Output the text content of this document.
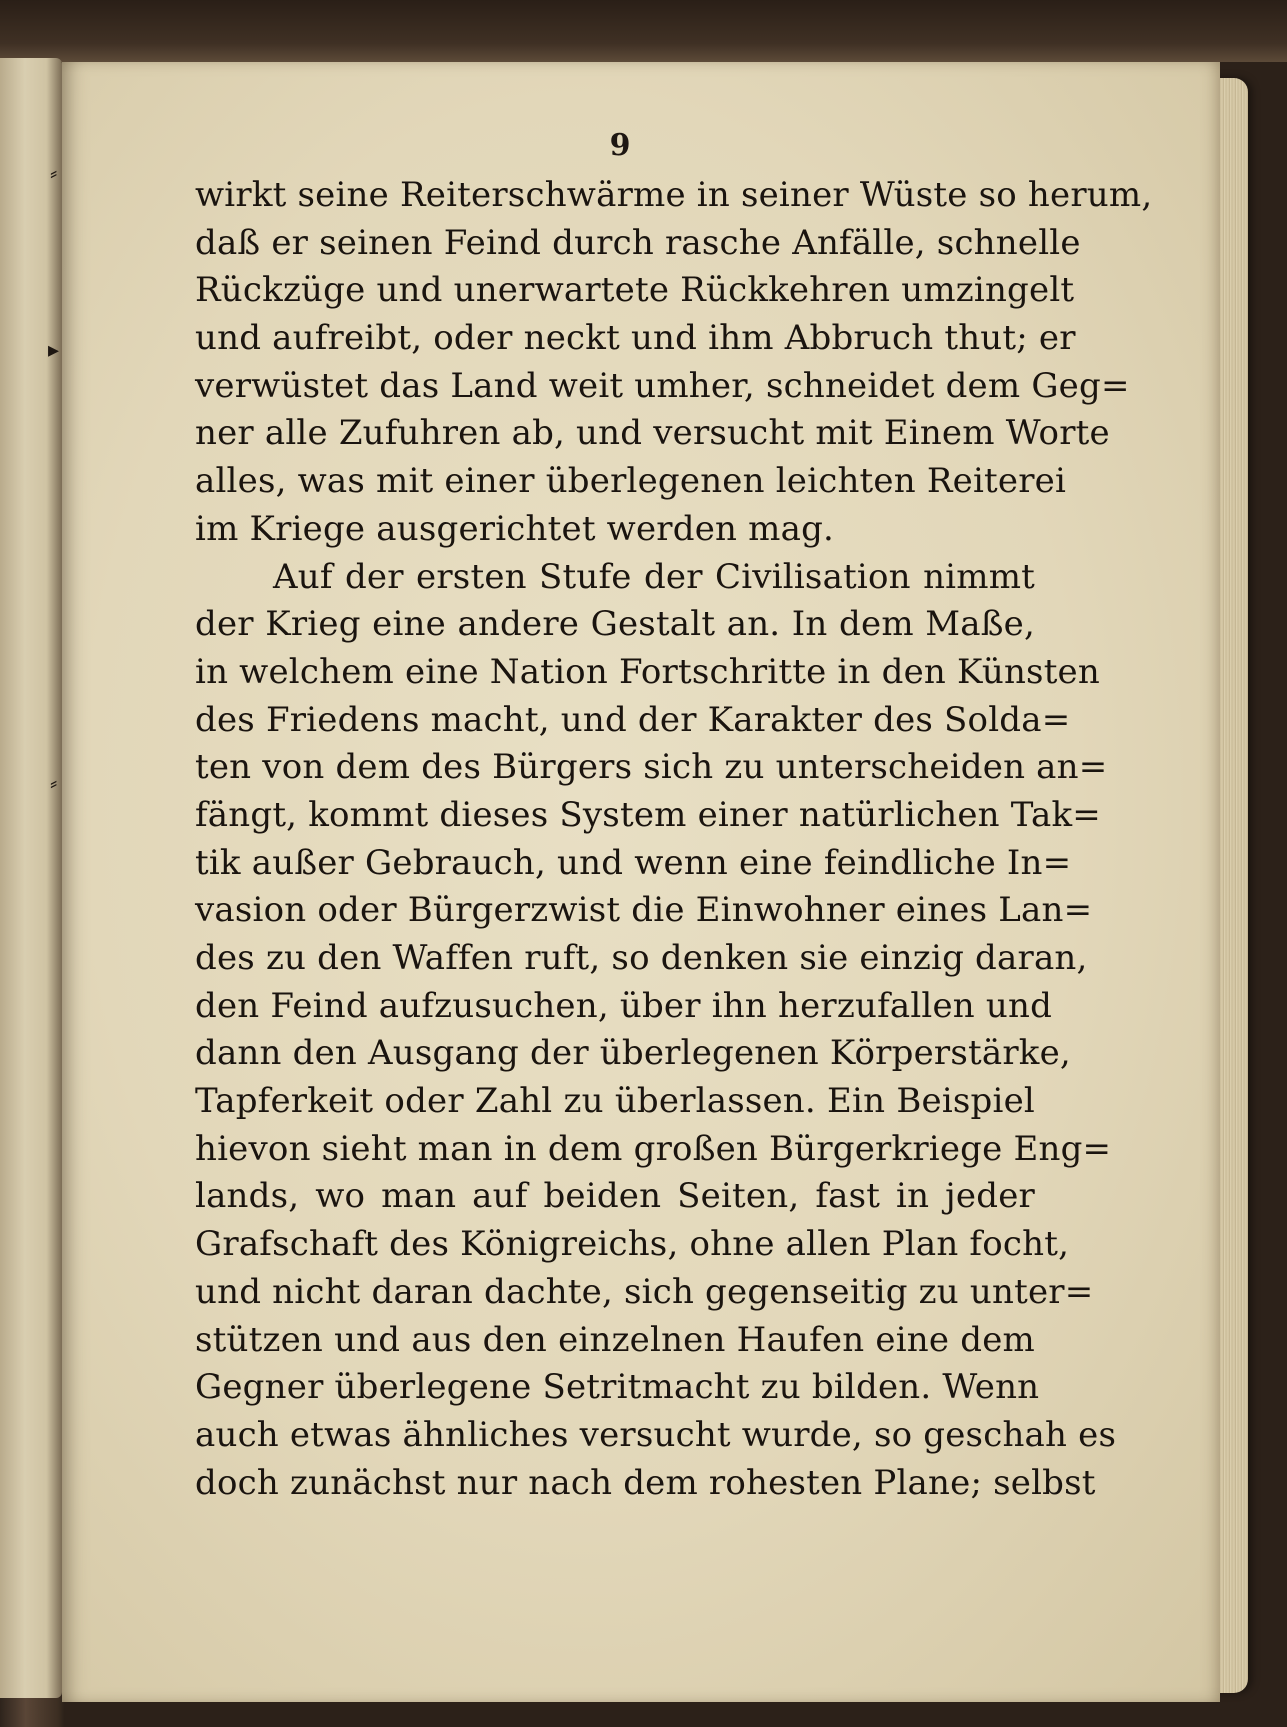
⸗
▸
⸗
9
wirkt seine Reiterschwärme in seiner Wüste so herum,
daß er seinen Feind durch rasche Anfälle, schnelle
Rückzüge und unerwartete Rückkehren umzingelt
und aufreibt, oder neckt und ihm Abbruch thut; er
verwüstet das Land weit umher, schneidet dem Geg=
ner alle Zufuhren ab, und versucht mit Einem Worte
alles, was mit einer überlegenen leichten Reiterei
im Kriege ausgerichtet werden mag.
Auf der ersten Stufe der Civilisation nimmt
der Krieg eine andere Gestalt an. In dem Maße,
in welchem eine Nation Fortschritte in den Künsten
des Friedens macht, und der Karakter des Solda=
ten von dem des Bürgers sich zu unterscheiden an=
fängt, kommt dieses System einer natürlichen Tak=
tik außer Gebrauch, und wenn eine feindliche In=
vasion oder Bürgerzwist die Einwohner eines Lan=
des zu den Waffen ruft, so denken sie einzig daran,
den Feind aufzusuchen, über ihn herzufallen und
dann den Ausgang der überlegenen Körperstärke,
Tapferkeit oder Zahl zu überlassen. Ein Beispiel
hievon sieht man in dem großen Bürgerkriege Eng=
lands, wo man auf beiden Seiten, fast in jeder
Grafschaft des Königreichs, ohne allen Plan focht,
und nicht daran dachte, sich gegenseitig zu unter=
stützen und aus den einzelnen Haufen eine dem
Gegner überlegene Setritmacht zu bilden. Wenn
auch etwas ähnliches versucht wurde, so geschah es
doch zunächst nur nach dem rohesten Plane; selbst
